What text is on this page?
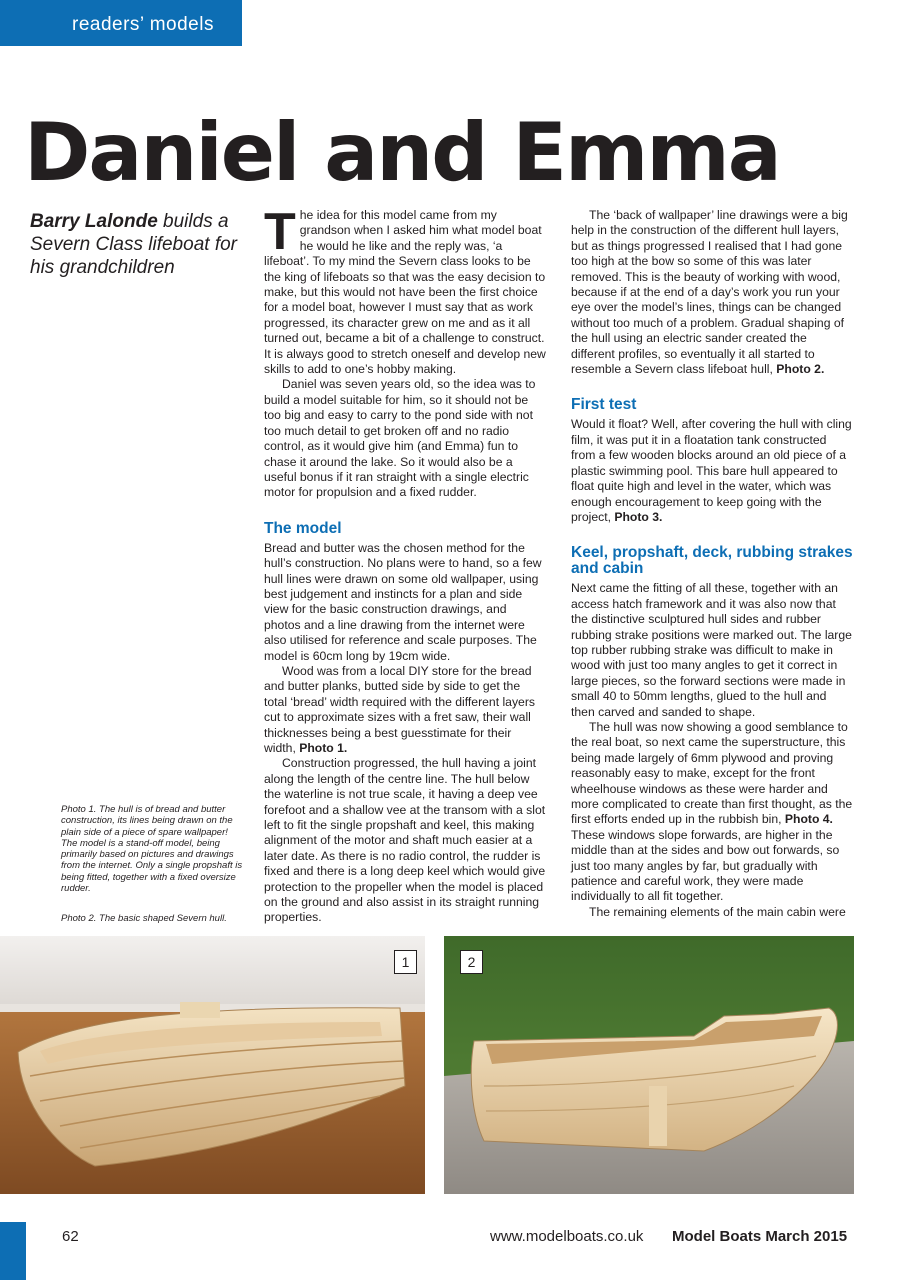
readers’ models
Daniel and Emma

Barry Lalonde builds a Severn Class lifeboat for his grandchildren

Photo 1. The hull is of bread and butter construction, its lines being drawn on the plain side of a piece of spare wallpaper! The model is a stand-off model, being primarily based on pictures and drawings from the internet. Only a single propshaft is being fitted, together with a fixed oversize rudder.

Photo 2. The basic shaped Severn hull.

The idea for this model came from my grandson when I asked him what model boat he would he like and the reply was, ‘a lifeboat’. To my mind the Severn class looks to be the king of lifeboats so that was the easy decision to make, but this would not have been the first choice for a model boat, however I must say that as work progressed, its character grew on me and as it all turned out, became a bit of a challenge to construct. It is always good to stretch oneself and develop new skills to add to one’s hobby making.

Daniel was seven years old, so the idea was to build a model suitable for him, so it should not be too big and easy to carry to the pond side with not too much detail to get broken off and no radio control, as it would give him (and Emma) fun to chase it around the lake. So it would also be a useful bonus if it ran straight with a single electric motor for propulsion and a fixed rudder.

The model

Bread and butter was the chosen method for the hull’s construction. No plans were to hand, so a few hull lines were drawn on some old wallpaper, using best judgement and instincts for a plan and side view for the basic construction drawings, and photos and a line drawing from the internet were also utilised for reference and scale purposes. The model is 60cm long by 19cm wide.

Wood was from a local DIY store for the bread and butter planks, butted side by side to get the total ‘bread’ width required with the different layers cut to approximate sizes with a fret saw, their wall thicknesses being a best guesstimate for their width, Photo 1.

Construction progressed, the hull having a joint along the length of the centre line. The hull below the waterline is not true scale, it having a deep vee forefoot and a shallow vee at the transom with a slot left to fit the single propshaft and keel, this making alignment of the motor and shaft much easier at a later date. As there is no radio control, the rudder is fixed and there is a long deep keel which would give protection to the propeller when the model is placed on the ground and also assist in its straight running properties.

The ‘back of wallpaper’ line drawings were a big help in the construction of the different hull layers, but as things progressed I realised that I had gone too high at the bow so some of this was later removed. This is the beauty of working with wood, because if at the end of a day’s work you run your eye over the model’s lines, things can be changed without too much of a problem. Gradual shaping of the hull using an electric sander created the different profiles, so eventually it all started to resemble a Severn class lifeboat hull, Photo 2.

First test

Would it float? Well, after covering the hull with cling film, it was put it in a floatation tank constructed from a few wooden blocks around an old piece of a plastic swimming pool. This bare hull appeared to float quite high and level in the water, which was enough encouragement to keep going with the project, Photo 3.

Keel, propshaft, deck, rubbing strakes and cabin

Next came the fitting of all these, together with an access hatch framework and it was also now that the distinctive sculptured hull sides and rubber rubbing strake positions were marked out. The large top rubber rubbing strake was difficult to make in wood with just too many angles to get it correct in large pieces, so the forward sections were made in small 40 to 50mm lengths, glued to the hull and then carved and sanded to shape.

The hull was now showing a good semblance to the real boat, so next came the superstructure, this being made largely of 6mm plywood and proving reasonably easy to make, except for the front wheelhouse windows as these were harder and more complicated to create than first thought, as the first efforts ended up in the rubbish bin, Photo 4. These windows slope forwards, are higher in the middle than at the sides and bow out forwards, so just too many angles by far, but gradually with patience and careful work, they were made individually to all fit together.

The remaining elements of the main cabin were

1	2
62	www.modelboats.co.uk Model Boats March 2015
